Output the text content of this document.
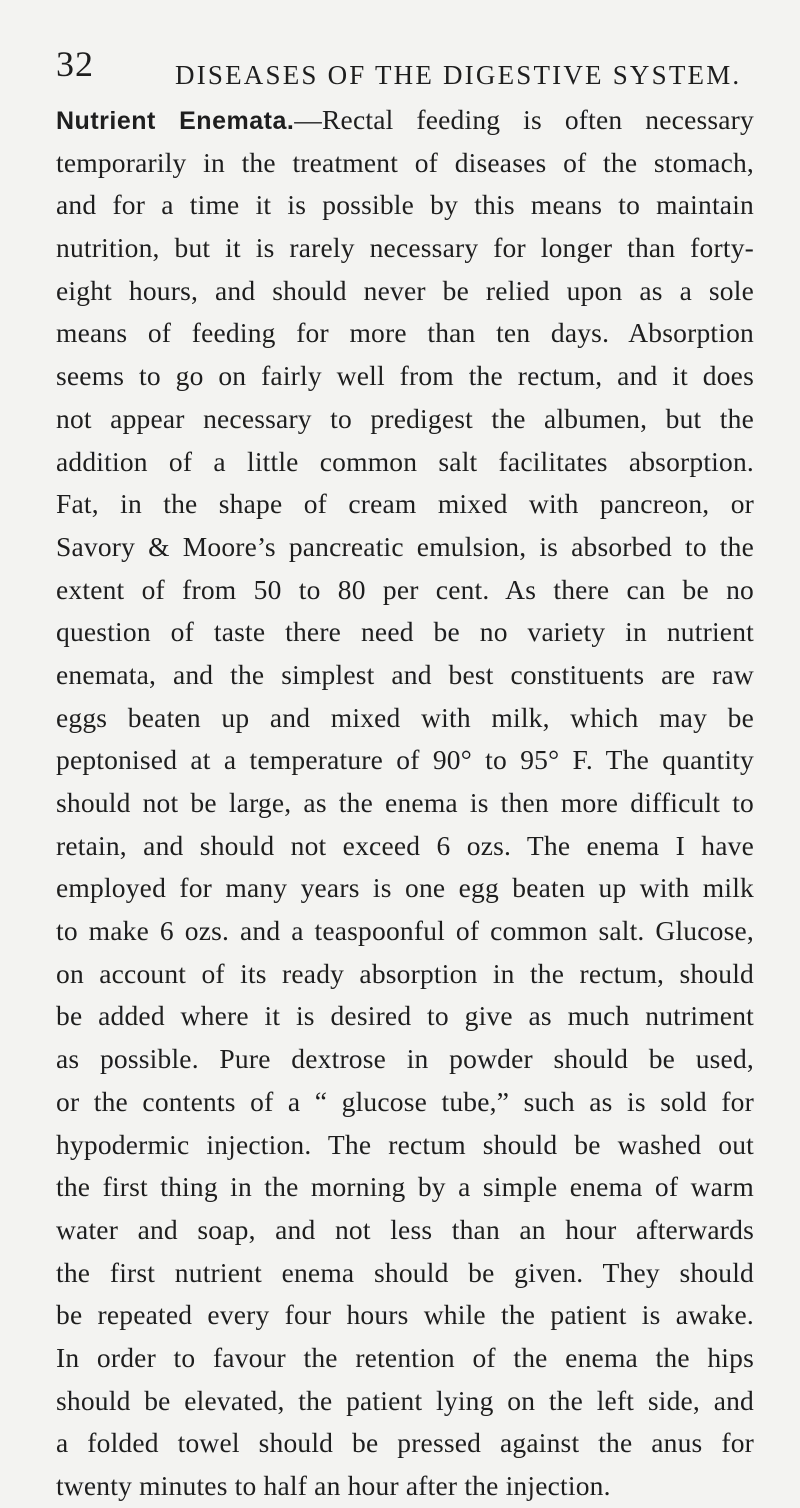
32	DISEASES OF THE DIGESTIVE SYSTEM.
Nutrient Enemata.—Rectal feeding is often necessary
temporarily in the treatment of diseases of the stomach,
and for a time it is possible by this means to maintain
nutrition, but it is rarely necessary for longer than forty-
eight hours, and should never be relied upon as a sole
means of feeding for more than ten days. Absorption
seems to go on fairly well from the rectum, and it does
not appear necessary to predigest the albumen, but the
addition of a little common salt facilitates absorption.
Fat, in the shape of cream mixed with pancreon, or
Savory & Moore’s pancreatic emulsion, is absorbed to the
extent of from 50 to 80 per cent. As there can be no
question of taste there need be no variety in nutrient
enemata, and the simplest and best constituents are raw
eggs beaten up and mixed with milk, which may be
peptonised at a temperature of 90° to 95° F. The quantity
should not be large, as the enema is then more difficult to
retain, and should not exceed 6 ozs. The enema I have
employed for many years is one egg beaten up with milk
to make 6 ozs. and a teaspoonful of common salt. Glucose,
on account of its ready absorption in the rectum, should
be added where it is desired to give as much nutriment
as possible. Pure dextrose in powder should be used,
or the contents of a “ glucose tube,” such as is sold for
hypodermic injection. The rectum should be washed out
the first thing in the morning by a simple enema of warm
water and soap, and not less than an hour afterwards
the first nutrient enema should be given. They should
be repeated every four hours while the patient is awake.
In order to favour the retention of the enema the hips
should be elevated, the patient lying on the left side, and
a folded towel should be pressed against the anus for
twenty minutes to half an hour after the injection.
